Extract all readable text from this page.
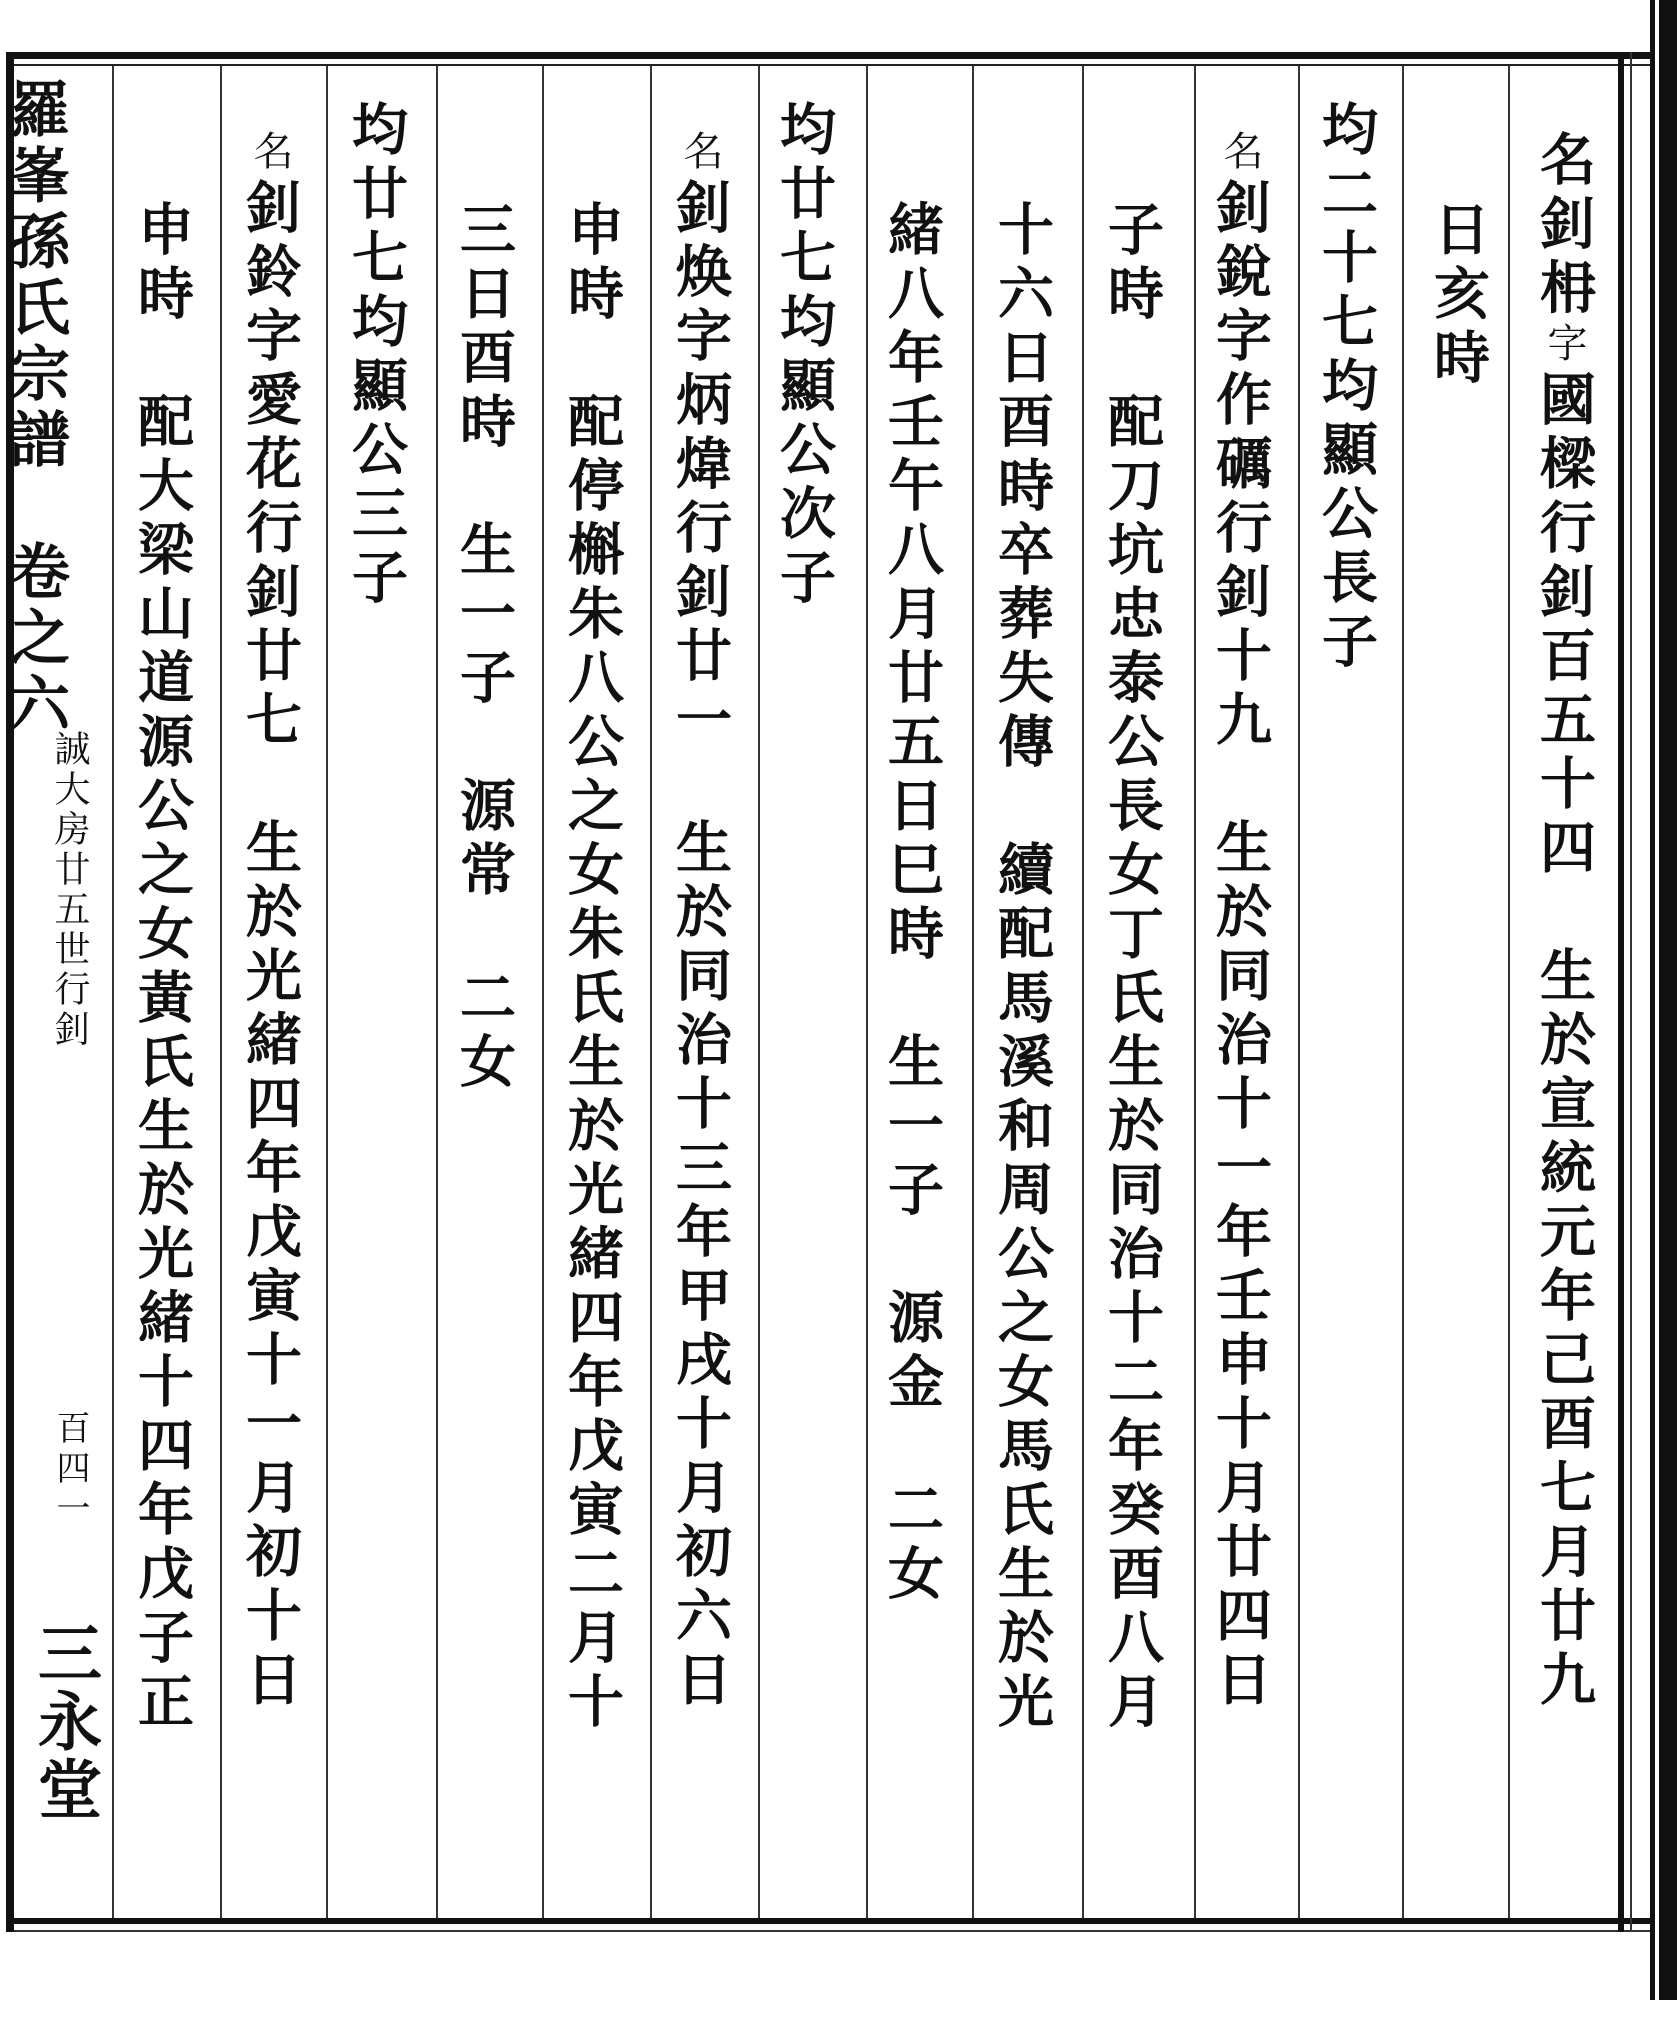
名釗枏字國樑行釗百五十四　生於宣統元年己酉七月廿九
日亥時
均二十七均顯公長子
名釗銳字作礪行釗十九　生於同治十一年壬申十月廿四日
子時　配刀坑忠泰公長女丁氏生於同治十二年癸酉八月
十六日酉時卒葬失傳　續配馬溪和周公之女馬氏生於光
緒八年壬午八月廿五日巳時　生一子　源金　二女
均廿七均顯公次子
名釗焕字炳煒行釗廿一　生於同治十三年甲戌十月初六日
申時　配停槲朱八公之女朱氏生於光緒四年戊寅二月十
三日酉時　生一子　源常　二女
均廿七均顯公三子
名釗鈴字愛花行釗廿七　生於光緒四年戊寅十一月初十日
申時　配大梁山道源公之女黃氏生於光緒十四年戊子正
羅峯孫氏宗譜　卷之六
誠大房廿五世行釗
百四一
三永堂
